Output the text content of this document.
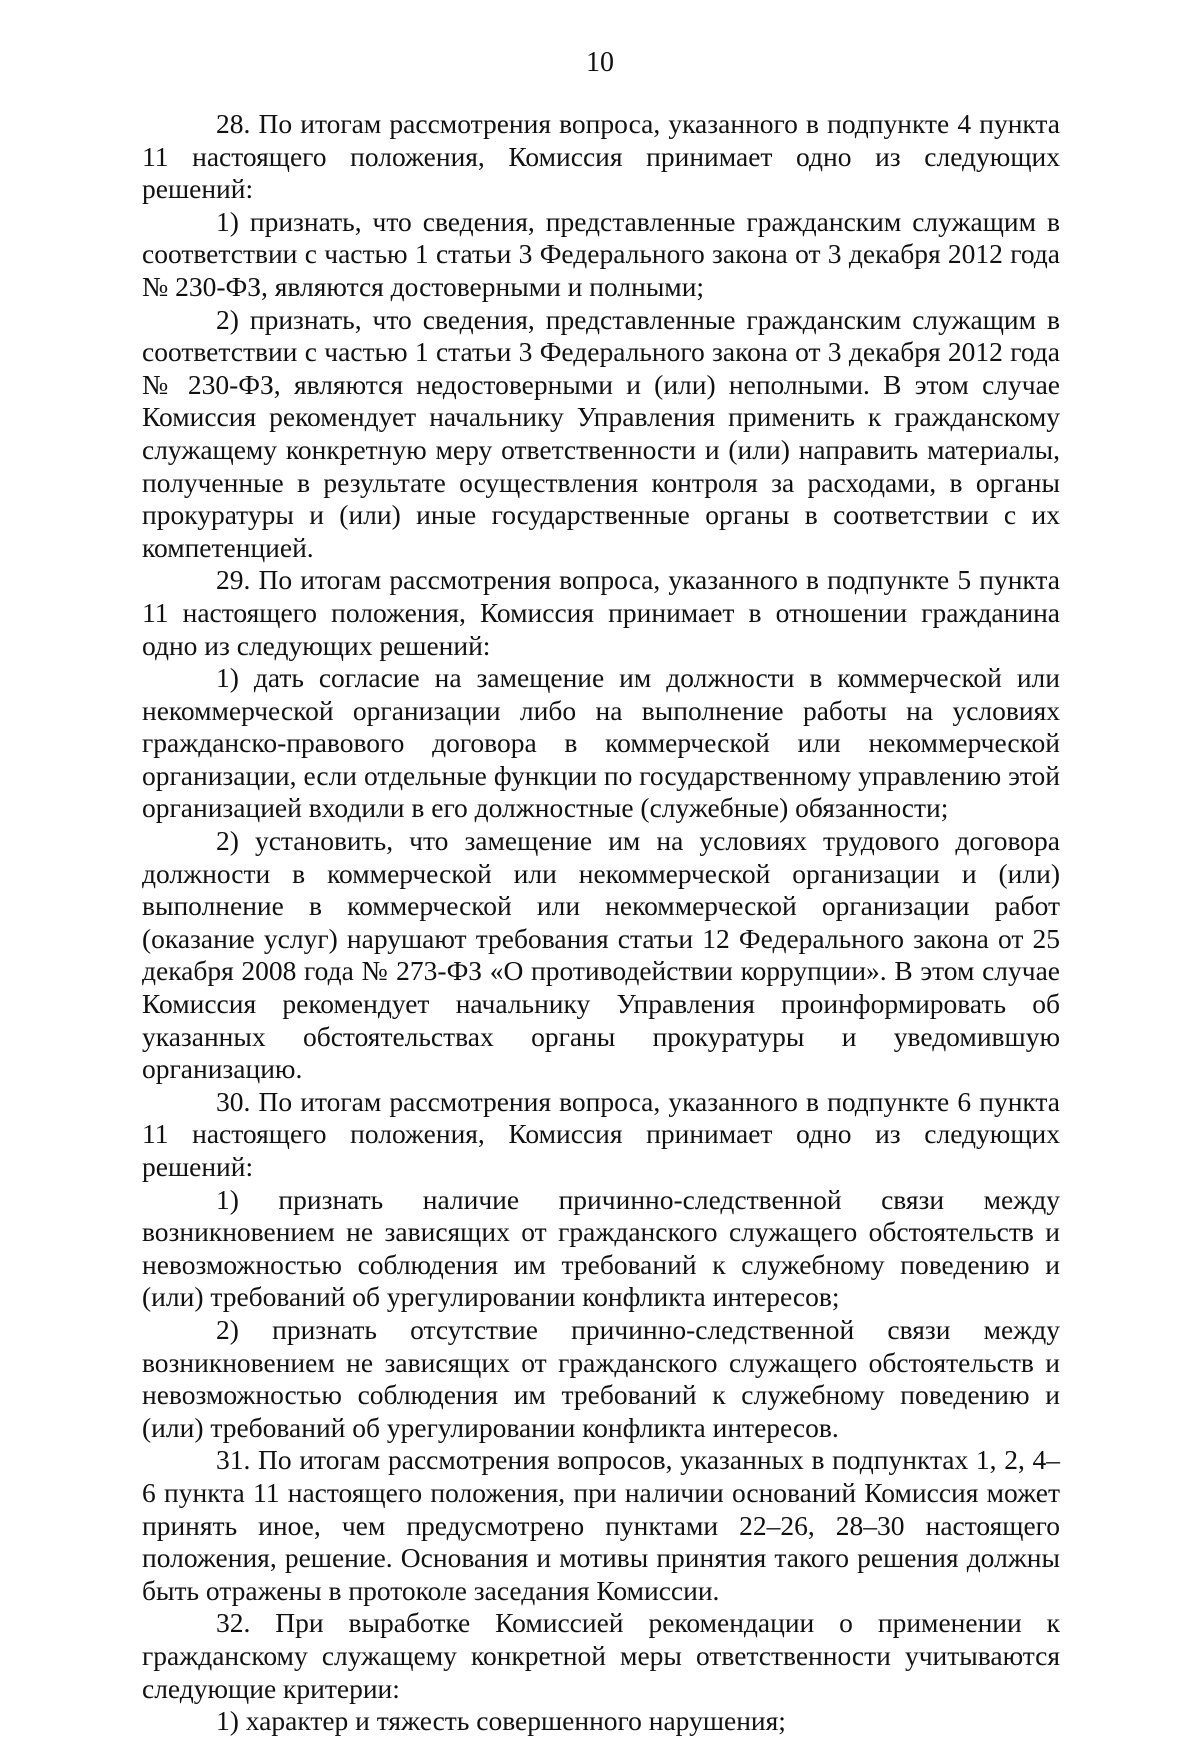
10

28. По итогам рассмотрения вопроса, указанного в подпункте 4 пункта 11 настоящего положения, Комиссия принимает одно из следующих решений:

1) признать, что сведения, представленные гражданским служащим в соответствии с частью 1 статьи 3 Федерального закона от 3 декабря 2012 года № 230-ФЗ, являются достоверными и полными;

2) признать, что сведения, представленные гражданским служащим в соответствии с частью 1 статьи 3 Федерального закона от 3 декабря 2012 года № 230-ФЗ, являются недостоверными и (или) неполными. В этом случае Комиссия рекомендует начальнику Управления применить к гражданскому служащему конкретную меру ответственности и (или) направить материалы, полученные в результате осуществления контроля за расходами, в органы прокуратуры и (или) иные государственные органы в соответствии с их компетенцией.

29. По итогам рассмотрения вопроса, указанного в подпункте 5 пункта 11 настоящего положения, Комиссия принимает в отношении гражданина одно из следующих решений:

1) дать согласие на замещение им должности в коммерческой или некоммерческой организации либо на выполнение работы на условиях гражданско-правового договора в коммерческой или некоммерческой организации, если отдельные функции по государственному управлению этой организацией входили в его должностные (служебные) обязанности;

2) установить, что замещение им на условиях трудового договора должности в коммерческой или некоммерческой организации и (или) выполнение в коммерческой или некоммерческой организации работ (оказание услуг) нарушают требования статьи 12 Федерального закона от 25 декабря 2008 года № 273-ФЗ «О противодействии коррупции». В этом случае Комиссия рекомендует начальнику Управления проинформировать об указанных обстоятельствах органы прокуратуры и уведомившую организацию.

30. По итогам рассмотрения вопроса, указанного в подпункте 6 пункта 11 настоящего положения, Комиссия принимает одно из следующих решений:

1) признать наличие причинно-следственной связи между возникновением не зависящих от гражданского служащего обстоятельств и невозможностью соблюдения им требований к служебному поведению и (или) требований об урегулировании конфликта интересов;

2) признать отсутствие причинно-следственной связи между возникновением не зависящих от гражданского служащего обстоятельств и невозможностью соблюдения им требований к служебному поведению и (или) требований об урегулировании конфликта интересов.

31. По итогам рассмотрения вопросов, указанных в подпунктах 1, 2, 4–6 пункта 11 настоящего положения, при наличии оснований Комиссия может принять иное, чем предусмотрено пунктами 22–26, 28–30 настоящего положения, решение. Основания и мотивы принятия такого решения должны быть отражены в протоколе заседания Комиссии.

32. При выработке Комиссией рекомендации о применении к гражданскому служащему конкретной меры ответственности учитываются следующие критерии:

1) характер и тяжесть совершенного нарушения;
